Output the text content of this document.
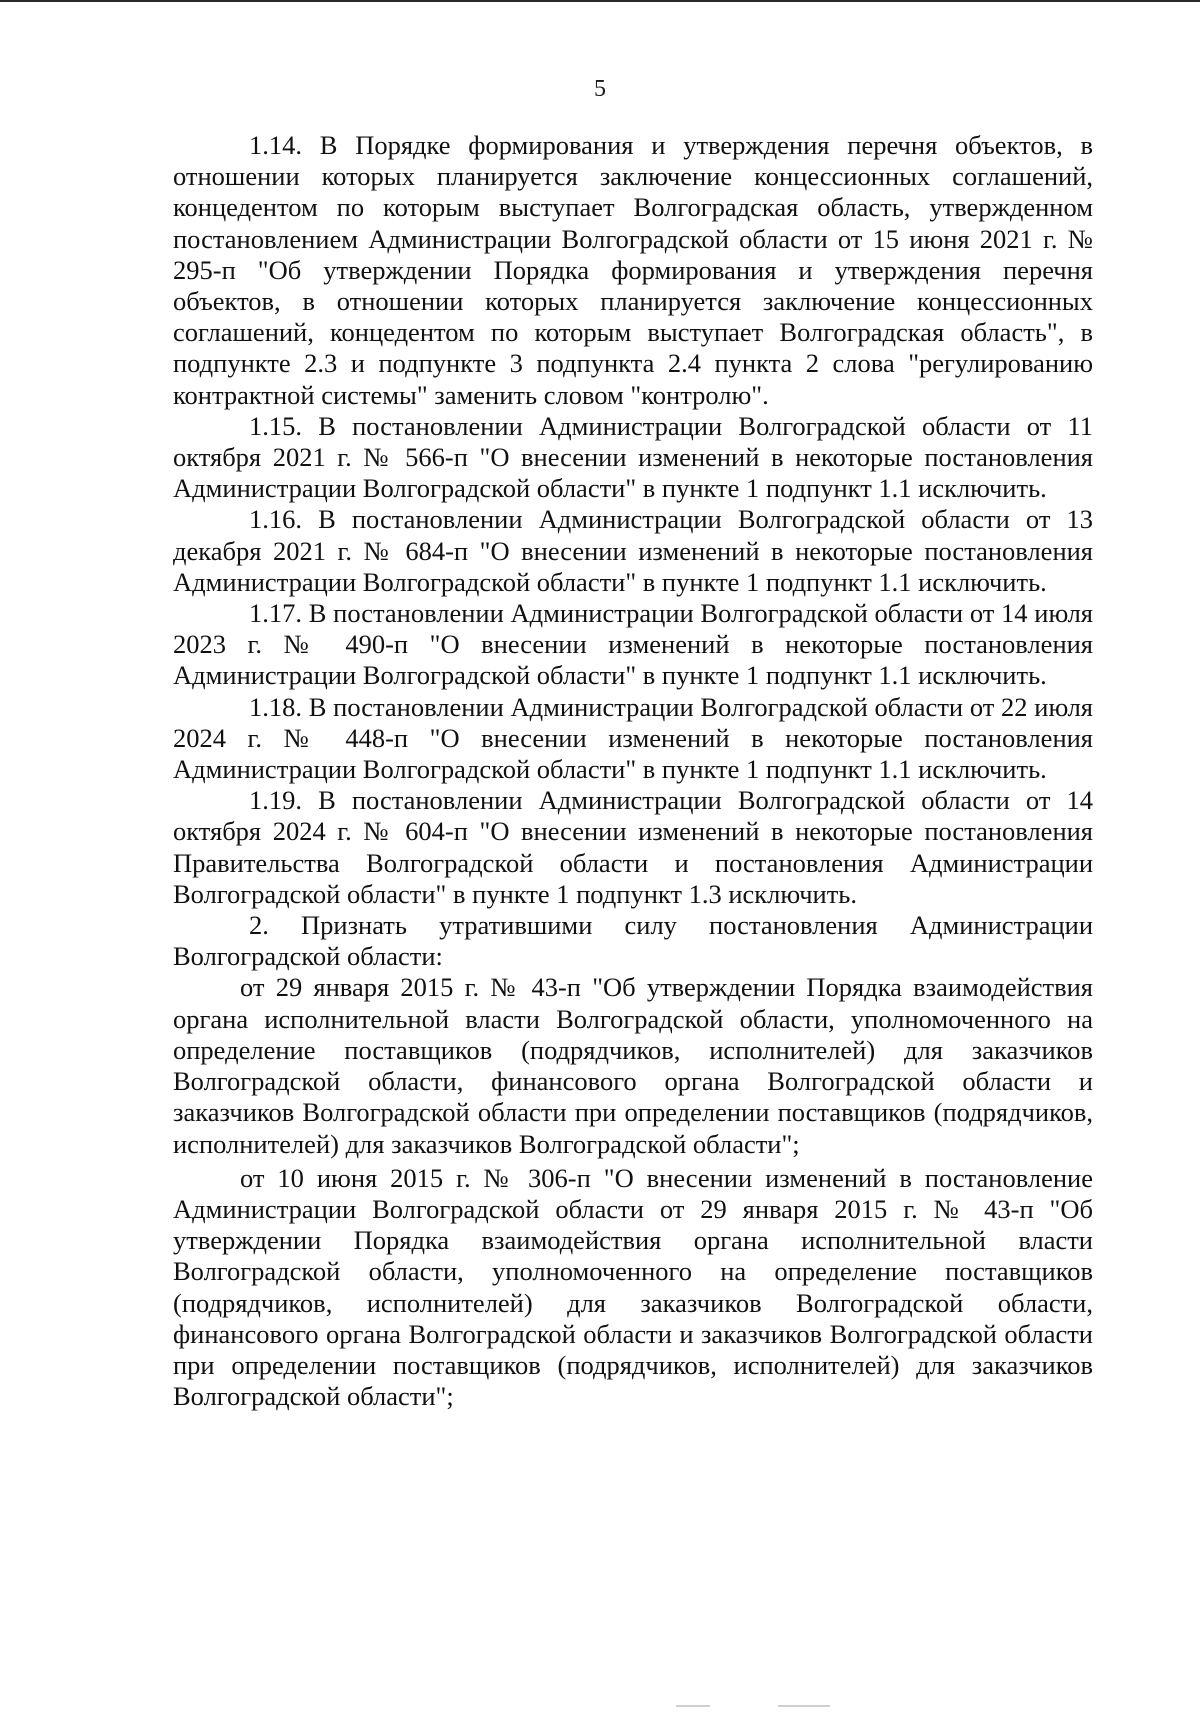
5

1.14. В Порядке формирования и утверждения перечня объектов, в отношении которых планируется заключение концессионных соглашений, концедентом по которым выступает Волгоградская область, утвержденном постановлением Администрации Волгоградской области от 15 июня 2021 г. № 295-п "Об утверждении Порядка формирования и утверждения перечня объектов, в отношении которых планируется заключение концессионных соглашений, концедентом по которым выступает Волгоградская область", в подпункте 2.3 и подпункте 3 подпункта 2.4 пункта 2 слова "регулированию контрактной системы" заменить словом "контролю".

1.15. В постановлении Администрации Волгоградской области от 11 октября 2021 г. № 566-п "О внесении изменений в некоторые постановления Администрации Волгоградской области" в пункте 1 подпункт 1.1 исключить.

1.16. В постановлении Администрации Волгоградской области от 13 декабря 2021 г. № 684-п "О внесении изменений в некоторые постановления Администрации Волгоградской области" в пункте 1 подпункт 1.1 исключить.

1.17. В постановлении Администрации Волгоградской области от 14 июля 2023 г. № 490-п "О внесении изменений в некоторые постановления Администрации Волгоградской области" в пункте 1 подпункт 1.1 исключить.

1.18. В постановлении Администрации Волгоградской области от 22 июля 2024 г. № 448-п "О внесении изменений в некоторые постановления Администрации Волгоградской области" в пункте 1 подпункт 1.1 исключить.

1.19. В постановлении Администрации Волгоградской области от 14 октября 2024 г. № 604-п "О внесении изменений в некоторые постановления Правительства Волгоградской области и постановления Администрации Волгоградской области" в пункте 1 подпункт 1.3 исключить.

2. Признать утратившими силу постановления Администрации Волгоградской области:

от 29 января 2015 г. № 43-п "Об утверждении Порядка взаимодействия органа исполнительной власти Волгоградской области, уполномоченного на определение поставщиков (подрядчиков, исполнителей) для заказчиков Волгоградской области, финансового органа Волгоградской области и заказчиков Волгоградской области при определении поставщиков (подрядчиков, исполнителей) для заказчиков Волгоградской области";

от 10 июня 2015 г. № 306-п "О внесении изменений в постановление Администрации Волгоградской области от 29 января 2015 г. № 43-п "Об утверждении Порядка взаимодействия органа исполнительной власти Волгоградской области, уполномоченного на определение поставщиков (подрядчиков, исполнителей) для заказчиков Волгоградской области, финансового органа Волгоградской области и заказчиков Волгоградской области при определении поставщиков (подрядчиков, исполнителей) для заказчиков Волгоградской области";
